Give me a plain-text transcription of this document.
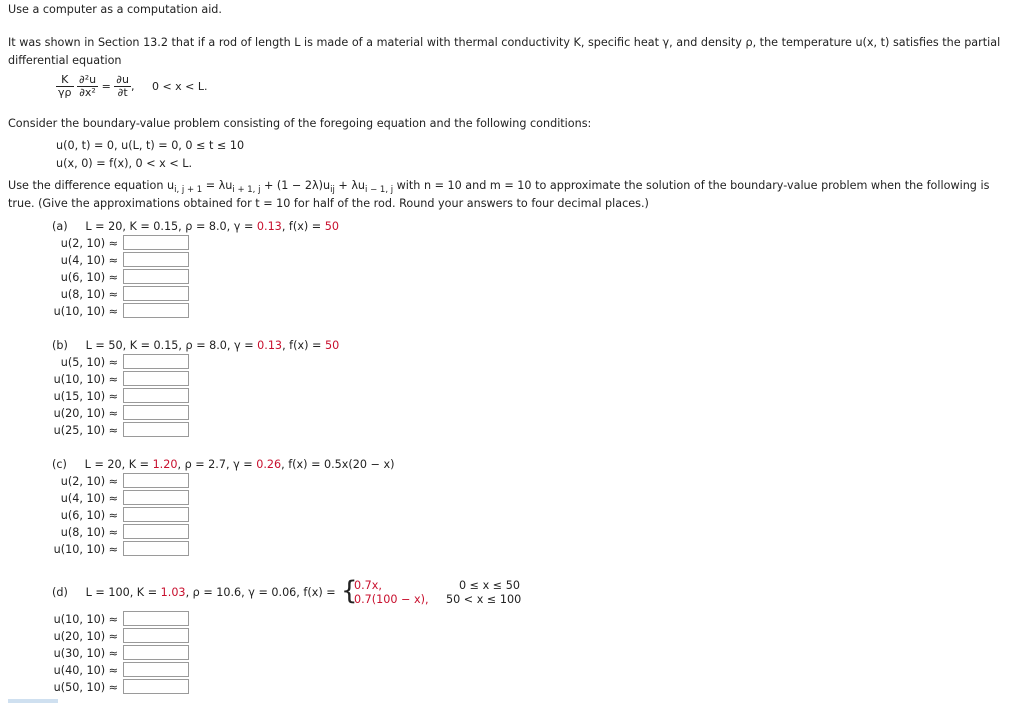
Use a computer as a computation aid.
It was shown in Section 13.2 that if a rod of length L is made of a material with thermal conductivity K, specific heat γ, and density ρ, the temperature u(x, t) satisfies the partial
differential equation
$\frac{K}{\gamma\rho}$
$\frac{\text{∂²u}}{\text{∂x²}} = \frac{\partial u}{\partial t}$ , 0 < x < L.
Consider the boundary-value problem consisting of the foregoing equation and the following conditions:
u(0, t) = 0, u(L, t) = 0, 0 ≤ t ≤ 10
u(x, 0) = f(x), 0 < x < L.
Use the difference equation $u_{i, j + 1} = \lambda u_{i + 1, j} + (1 - 2\lambda)u_{ij} + \lambda u_{i - 1, j}$ with n = 10 and m = 10 to approximate the solution of the boundary-value problem when the following is
true. (Give the approximations obtained for t = 10 for half of the rod. Round your answers to four decimal places.)
(a) L = 20, K = 0.15, ρ = 8.0, γ = 0.13, f(x) = 50
u(2, 10) ≈
u(4, 10) ≈
u(6, 10) ≈
u(8, 10) ≈
u(10, 10) ≈
(b) L = 50, K = 0.15, ρ = 8.0, γ = 0.13, f(x) = 50
u(5, 10) ≈
u(10, 10) ≈
u(15, 10) ≈
u(20, 10) ≈
u(25, 10) ≈
(c) L = 20, K = 1.20, ρ = 2.7, γ = 0.26, f(x) = 0.5x(20 − x)
u(2, 10) ≈
u(4, 10) ≈
u(6, 10) ≈
u(8, 10) ≈
u(10, 10) ≈
(d) L = 100, K = 1.03, ρ = 10.6, γ = 0.06, f(x) = {
0.7x,	0 ≤ x ≤ 50
0.7(100 − x), 50 < x ≤ 100
u(10, 10) ≈
u(20, 10) ≈
u(30, 10) ≈
u(40, 10) ≈
u(50, 10) ≈
